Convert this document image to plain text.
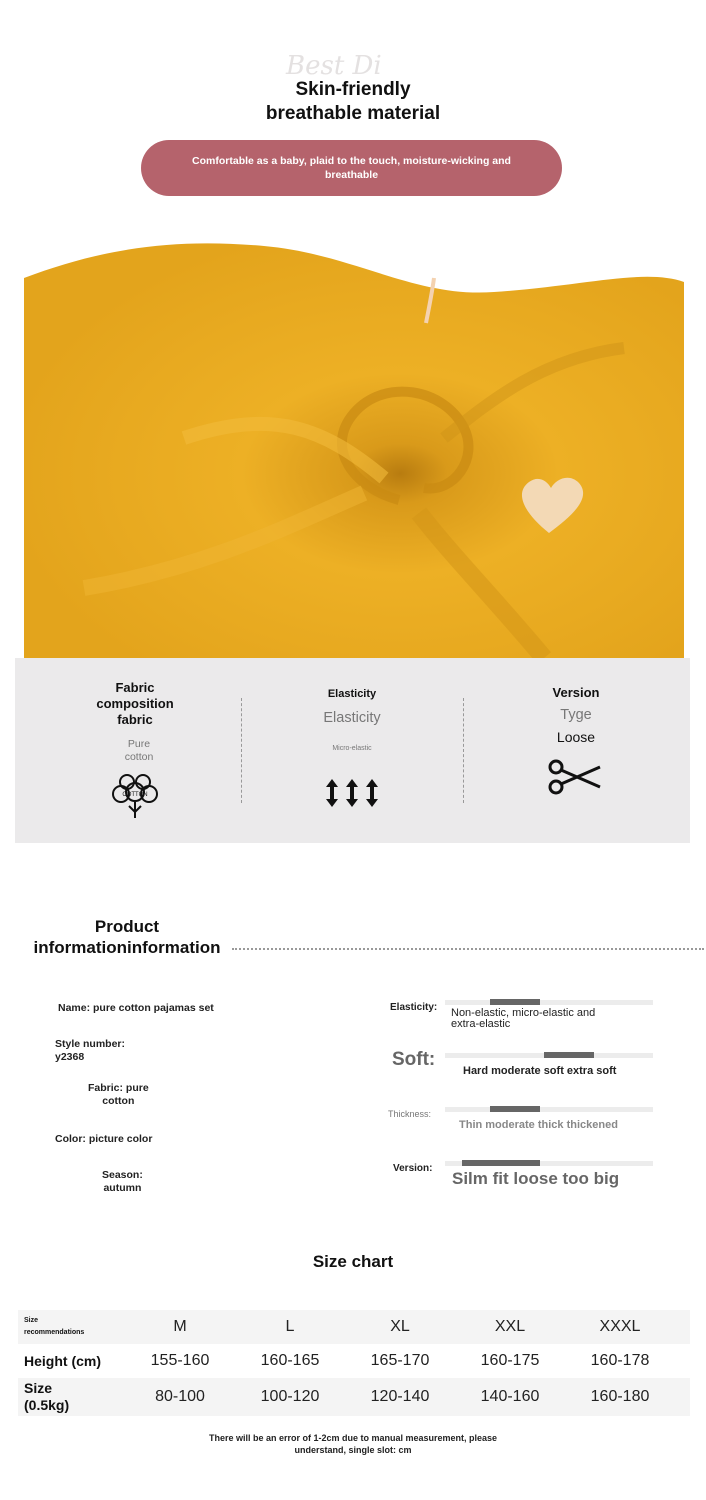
Best Di
Skin-friendly
breathable material
Comfortable as a baby, plaid to the touch, moisture-wicking and breathable
Fabric
composition
fabric
Pure
cotton
COTTON
Elasticity
Elasticity
Micro-elastic
Version
Tyge
Loose
Product
informationinformation
Name: pure cotton pajamas set
Style number:
y2368
Fabric: pure
cotton
Color: picture color
Season:
autumn
Elasticity: Non-elastic, micro-elastic and
extra-elastic
Soft:
Hard moderate soft extra soft
Thickness:
Thin moderate thick thickened
Version:
Silm fit loose too big
Size chart
Size
recommendations	M	L	XL	XXL	XXXL
Height (cm)	155-160	160-165	165-170	160-175	160-178
Size
(0.5kg)	80-100	100-120	120-140	140-160	160-180
There will be an error of 1-2cm due to manual measurement, please
understand, single slot: cm
